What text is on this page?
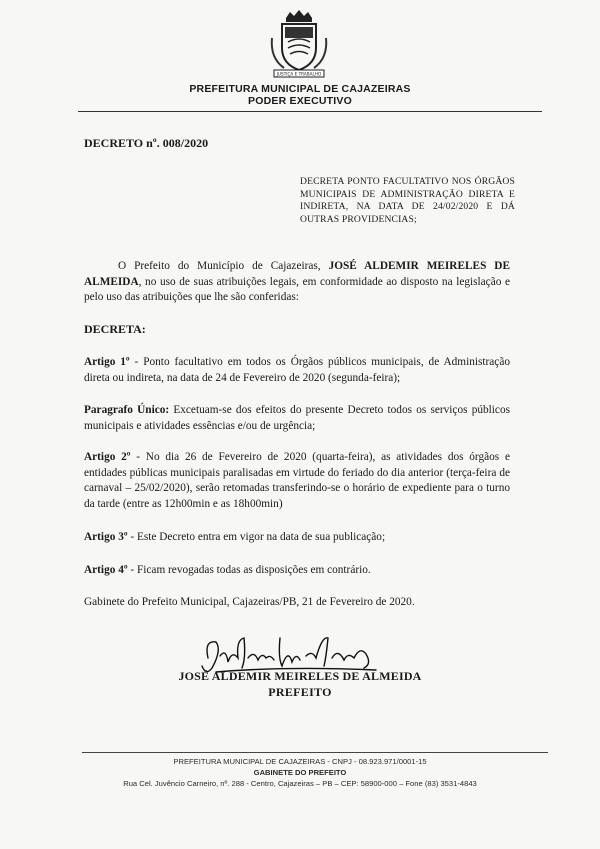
JUSTIÇA E TRABALHO
PREFEITURA MUNICIPAL DE CAJAZEIRAS
PODER EXECUTIVO
DECRETO nº. 008/2020
DECRETA PONTO FACULTATIVO NOS ÓRGÃOS MUNICIPAIS DE ADMINISTRAÇÃO DIRETA E INDIRETA, NA DATA DE 24/02/2020 E DÁ OUTRAS PROVIDENCIAS;
O Prefeito do Município de Cajazeiras, JOSÉ ALDEMIR MEIRELES DE ALMEIDA, no uso de suas atribuições legais, em conformidade ao disposto na legislação e pelo uso das atribuições que lhe são conferidas:
DECRETA:
Artigo 1º - Ponto facultativo em todos os Órgãos públicos municipais, de Administração direta ou indireta, na data de 24 de Fevereiro de 2020 (segunda-feira);
Paragrafo Único: Excetuam-se dos efeitos do presente Decreto todos os serviços públicos municipais e atividades essências e/ou de urgência;
Artigo 2º - No dia 26 de Fevereiro de 2020 (quarta-feira), as atividades dos órgãos e entidades públicas municipais paralisadas em virtude do feriado do dia anterior (terça-feira de carnaval – 25/02/2020), serão retomadas transferindo-se o horário de expediente para o turno da tarde (entre as 12h00min e as 18h00min)
Artigo 3º - Este Decreto entra em vigor na data de sua publicação;
Artigo 4º - Ficam revogadas todas as disposições em contrário.
Gabinete do Prefeito Municipal, Cajazeiras/PB, 21 de Fevereiro de 2020.
JOSÉ ALDEMIR MEIRELES DE ALMEIDA
PREFEITO
PREFEITURA MUNICIPAL DE CAJAZEIRAS - CNPJ - 08.923.971/0001-15
GABINETE DO PREFEITO
Rua Cel. Juvêncio Carneiro, nº. 288 - Centro, Cajazeiras – PB – CEP: 58900-000 – Fone (83) 3531-4843
